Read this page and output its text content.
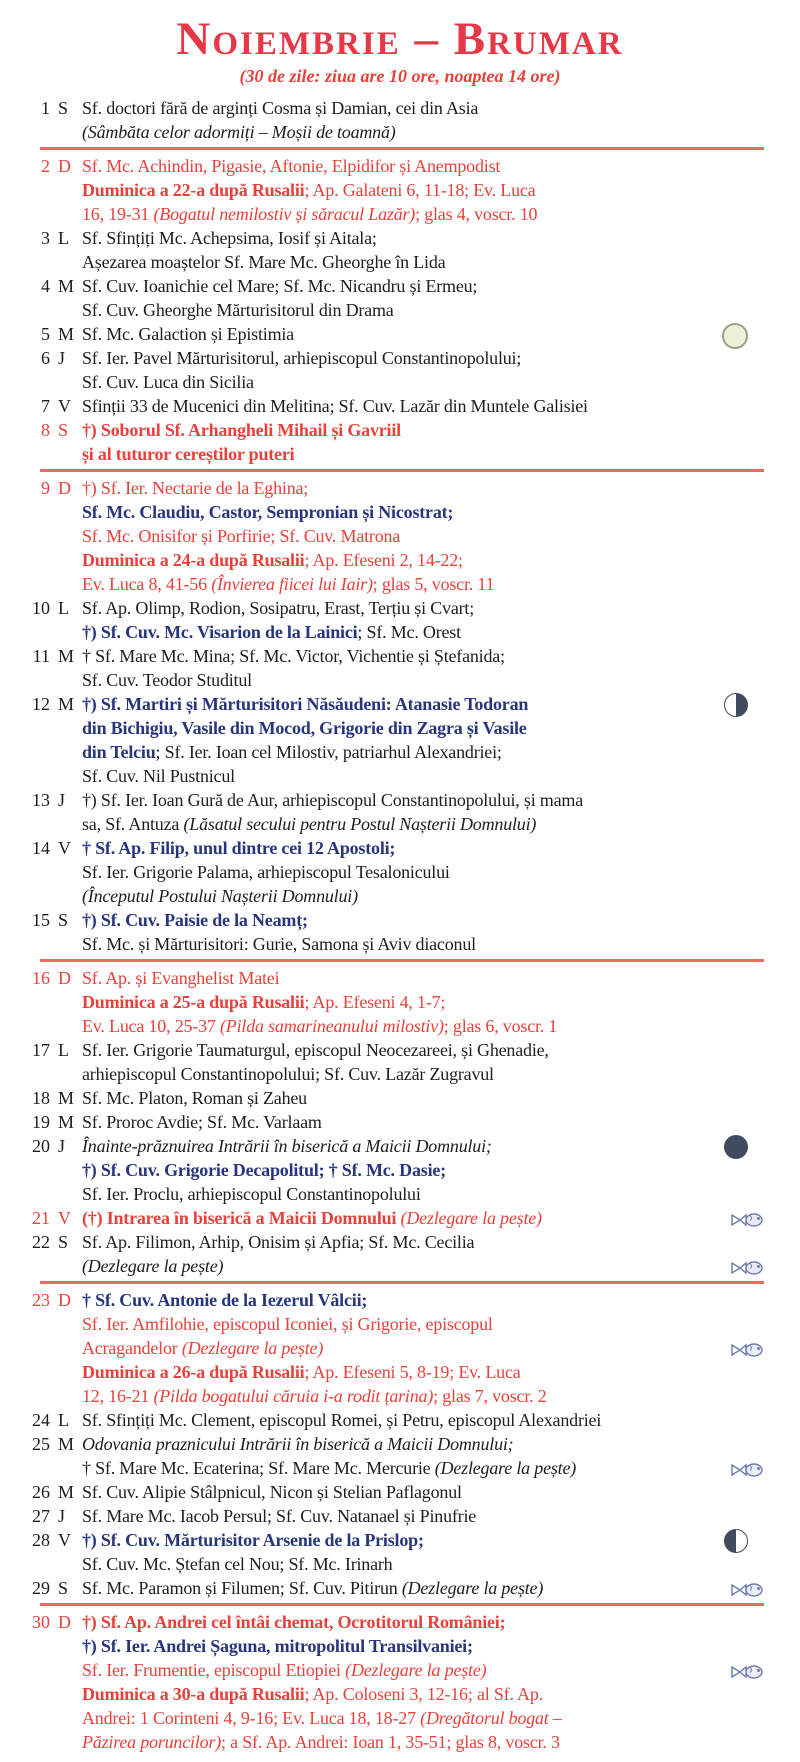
Noiembrie – Brumar
(30 de zile: ziua are 10 ore, noaptea 14 ore)
1 S Sf. doctori fără de arginți Cosma și Damian, cei din Asia
(Sâmbăta celor adormiți – Moșii de toamnă)
2 D Sf. Mc. Achindin, Pigasie, Aftonie, Elpidifor și Anempodist
Duminica a 22-a după Rusalii; Ap. Galateni 6, 11-18; Ev. Luca
16, 19-31 (Bogatul nemilostiv și săracul Lazăr); glas 4, voscr. 10
3 L Sf. Sfințiți Mc. Achepsima, Iosif și Aitala;
Așezarea moaștelor Sf. Mare Mc. Gheorghe în Lida
4 M Sf. Cuv. Ioanichie cel Mare; Sf. Mc. Nicandru și Ermeu;
Sf. Cuv. Gheorghe Mărturisitorul din Drama
5 M Sf. Mc. Galaction și Epistimia
6 J Sf. Ier. Pavel Mărturisitorul, arhiepiscopul Constantinopolului;
Sf. Cuv. Luca din Sicilia
7 V Sfinții 33 de Mucenici din Melitina; Sf. Cuv. Lazăr din Muntele Galisiei
8 S †) Soborul Sf. Arhangheli Mihail și Gavriil
și al tuturor cereștilor puteri
9 D †) Sf. Ier. Nectarie de la Eghina;
Sf. Mc. Claudiu, Castor, Sempronian și Nicostrat;
Sf. Mc. Onisifor și Porfirie; Sf. Cuv. Matrona
Duminica a 24-a după Rusalii; Ap. Efeseni 2, 14-22;
Ev. Luca 8, 41-56 (Învierea fiicei lui Iair); glas 5, voscr. 11
10 L Sf. Ap. Olimp, Rodion, Sosipatru, Erast, Terțiu și Cvart;
†) Sf. Cuv. Mc. Visarion de la Lainici; Sf. Mc. Orest
11 M † Sf. Mare Mc. Mina; Sf. Mc. Victor, Vichentie și Ștefanida;
Sf. Cuv. Teodor Studitul
12 M †) Sf. Martiri și Mărturisitori Năsăudeni: Atanasie Todoran
din Bichigiu, Vasile din Mocod, Grigorie din Zagra și Vasile
din Telciu; Sf. Ier. Ioan cel Milostiv, patriarhul Alexandriei;
Sf. Cuv. Nil Pustnicul
13 J †) Sf. Ier. Ioan Gură de Aur, arhiepiscopul Constantinopolului, și mama
sa, Sf. Antuza (Lăsatul secului pentru Postul Nașterii Domnului)
14 V † Sf. Ap. Filip, unul dintre cei 12 Apostoli;
Sf. Ier. Grigorie Palama, arhiepiscopul Tesalonicului
(Începutul Postului Nașterii Domnului)
15 S †) Sf. Cuv. Paisie de la Neamț;
Sf. Mc. și Mărturisitori: Gurie, Samona și Aviv diaconul
16 D Sf. Ap. și Evanghelist Matei
Duminica a 25-a după Rusalii; Ap. Efeseni 4, 1-7;
Ev. Luca 10, 25-37 (Pilda samarineanului milostiv); glas 6, voscr. 1
17 L Sf. Ier. Grigorie Taumaturgul, episcopul Neocezareei, și Ghenadie,
arhiepiscopul Constantinopolului; Sf. Cuv. Lazăr Zugravul
18 M Sf. Mc. Platon, Roman și Zaheu
19 M Sf. Proroc Avdie; Sf. Mc. Varlaam
20 J Înainte-prăznuirea Intrării în biserică a Maicii Domnului;
†) Sf. Cuv. Grigorie Decapolitul; † Sf. Mc. Dasie;
Sf. Ier. Proclu, arhiepiscopul Constantinopolului
21 V (†) Intrarea în biserică a Maicii Domnului (Dezlegare la pește)
22 S Sf. Ap. Filimon, Arhip, Onisim și Apfia; Sf. Mc. Cecilia
(Dezlegare la pește)
23 D † Sf. Cuv. Antonie de la Iezerul Vâlcii;
Sf. Ier. Amfilohie, episcopul Iconiei, și Grigorie, episcopul
Acragandelor (Dezlegare la pește)
Duminica a 26-a după Rusalii; Ap. Efeseni 5, 8-19; Ev. Luca
12, 16-21 (Pilda bogatului căruia i-a rodit țarina); glas 7, voscr. 2
24 L Sf. Sfințiți Mc. Clement, episcopul Romei, și Petru, episcopul Alexandriei
25 M Odovania praznicului Intrării în biserică a Maicii Domnului;
† Sf. Mare Mc. Ecaterina; Sf. Mare Mc. Mercurie (Dezlegare la pește)
26 M Sf. Cuv. Alipie Stâlpnicul, Nicon și Stelian Paflagonul
27 J Sf. Mare Mc. Iacob Persul; Sf. Cuv. Natanael și Pinufrie
28 V †) Sf. Cuv. Mărturisitor Arsenie de la Prislop;
Sf. Cuv. Mc. Ștefan cel Nou; Sf. Mc. Irinarh
29 S Sf. Mc. Paramon și Filumen; Sf. Cuv. Pitirun (Dezlegare la pește)
30 D †) Sf. Ap. Andrei cel întâi chemat, Ocrotitorul României;
†) Sf. Ier. Andrei Șaguna, mitropolitul Transilvaniei;
Sf. Ier. Frumentie, episcopul Etiopiei (Dezlegare la pește)
Duminica a 30-a după Rusalii; Ap. Coloseni 3, 12-16; al Sf. Ap.
Andrei: 1 Corinteni 4, 9-16; Ev. Luca 18, 18-27 (Dregătorul bogat –
Păzirea poruncilor); a Sf. Ap. Andrei: Ioan 1, 35-51; glas 8, voscr. 3
